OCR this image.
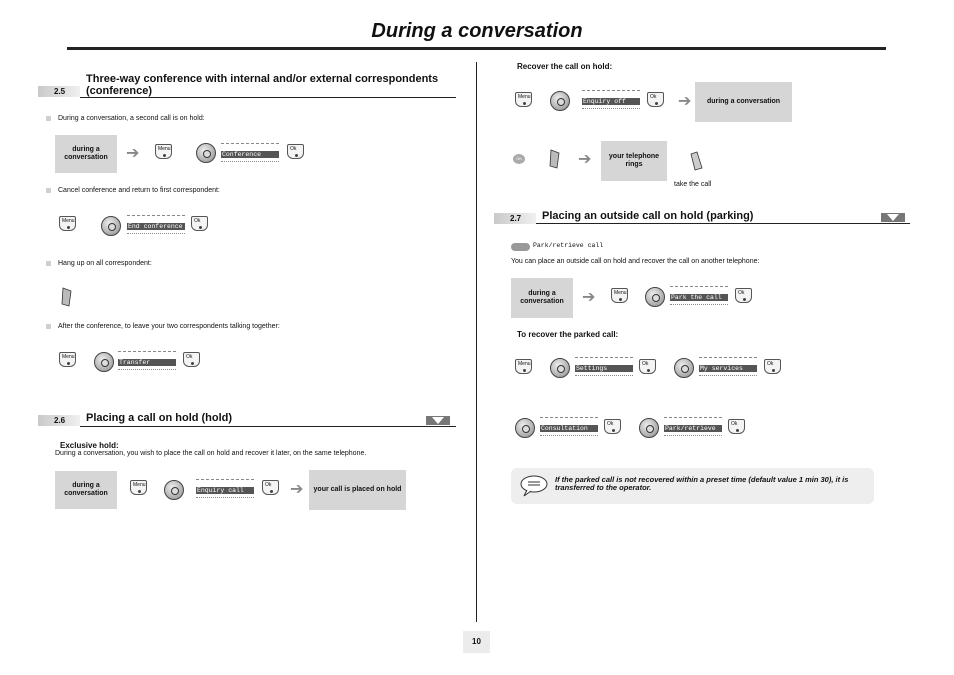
During a conversation
2.5
Three-way conference with internal and/or external correspondents (conference)
During a conversation, a second call is on hold:
during a conversation	➔	Menu
Conference
Ok
Cancel conference and return to first correspondent:
Menu
End conference
Ok
Hang up on all correspondent:
After the conference, to leave your two correspondents talking together:
Menu
Transfer
Ok
2.6	Placing a call on hold (hold)
Exclusive hold:
During a conversation, you wish to place the call on hold and recover it later, on the same telephone.
during a conversation
Menu
Enquiry call
Ok	➔	your call is placed on hold
Recover the call on hold:
Menu
Enquiry off
Ok	➔	during a conversation
OK	➔	your telephone rings
take the call
2.7	Placing an outside call on hold (parking)
Park/retrieve call
You can place an outside call on hold and recover the call on another telephone:
during a conversation	➔	Menu
Park the call
Ok
To recover the parked call:
Menu
Settings
Ok
My services
Ok
Consultation
Ok
Park/retrieve
Ok
If the parked call is not recovered within a preset time (default value 1 min 30), it is transferred to the operator.
10
